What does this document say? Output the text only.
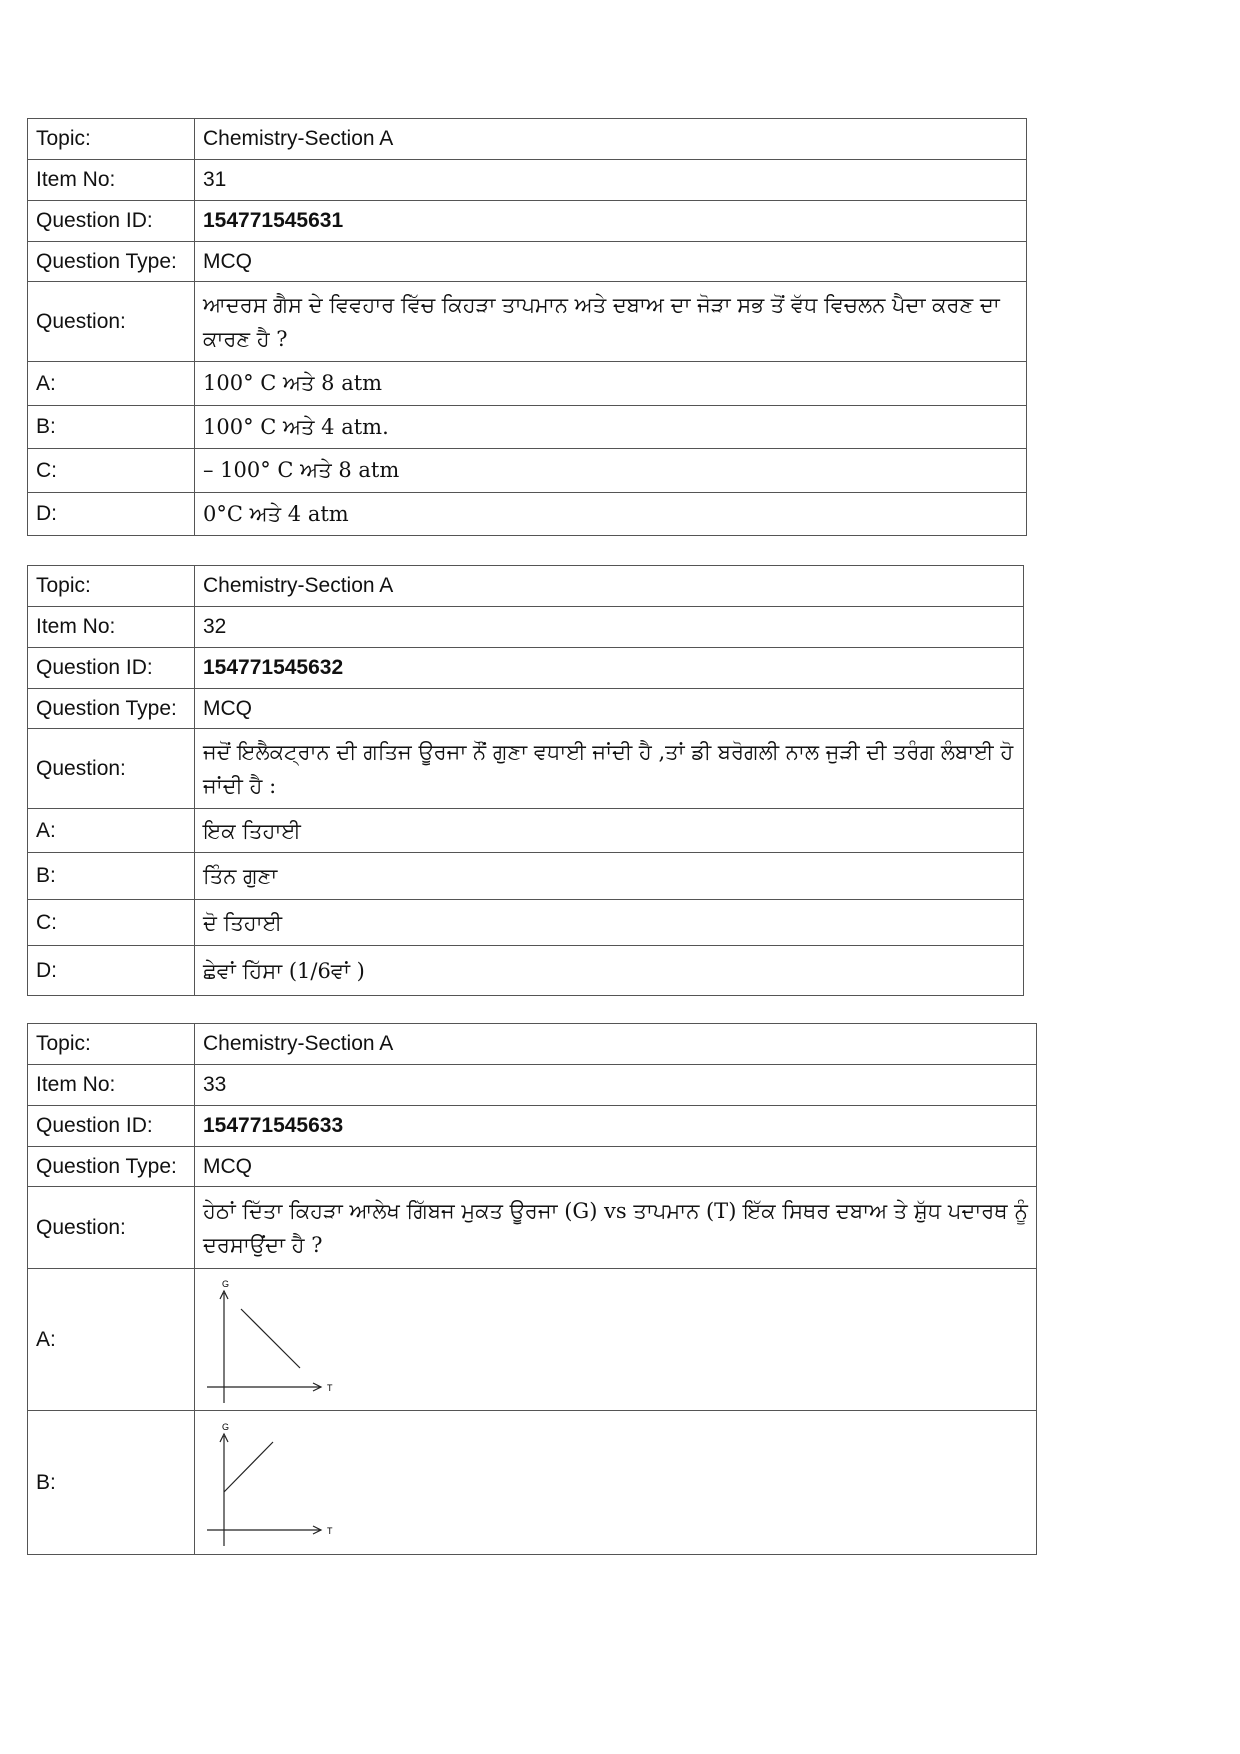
Topic:	Chemistry-Section A
Item No:	31
Question ID:	154771545631
Question Type:	MCQ
Question:	ਆਦਰਸ ਗੈਸ ਦੇ ਵਿਵਹਾਰ ਵਿੱਚ ਕਿਹੜਾ ਤਾਪਮਾਨ ਅਤੇ ਦਬਾਅ ਦਾ ਜੋੜਾ ਸਭ ਤੋਂ ਵੱਧ ਵਿਚਲਨ ਪੈਦਾ ਕਰਣ ਦਾ ਕਾਰਣ ਹੈ ?
A:	100° C ਅਤੇ 8 atm
B:	100° C ਅਤੇ 4 atm.
C:	– 100° C ਅਤੇ 8 atm
D:	0°C ਅਤੇ 4 atm
Topic:	Chemistry-Section A
Item No:	32
Question ID:	154771545632
Question Type:	MCQ
Question:	ਜਦੋਂ ਇਲੈਕਟ੍ਰਾਨ ਦੀ ਗਤਿਜ ਊਰਜਾ ਨੌਂ ਗੁਣਾ ਵਧਾਈ ਜਾਂਦੀ ਹੈ ,ਤਾਂ ਡੀ ਬਰੋਗਲੀ ਨਾਲ ਜੁੜੀ ਦੀ ਤਰੰਗ ਲੰਬਾਈ ਹੋ ਜਾਂਦੀ ਹੈ :
A:	ਇਕ ਤਿਹਾਈ
B:	ਤਿੰਨ ਗੁਣਾ
C:	ਦੋ ਤਿਹਾਈ
D:	ਛੇਵਾਂ ਹਿੱਸਾ (1/6ਵਾਂ )
Topic:	Chemistry-Section A
Item No:	33
Question ID:	154771545633
Question Type:	MCQ
Question:	ਹੇਠਾਂ ਦਿੱਤਾ ਕਿਹੜਾ ਆਲੇਖ ਗਿੱਬਜ ਮੁਕਤ ਊਰਜਾ (G) vs ਤਾਪਮਾਨ (T) ਇੱਕ ਸਿਥਰ ਦਬਾਅ ਤੇ ਸ਼ੁੱਧ ਪਦਾਰਥ ਨੂੰ ਦਰਸਾਉਂਦਾ ਹੈ ?
A:	G
T

B:	G
T
